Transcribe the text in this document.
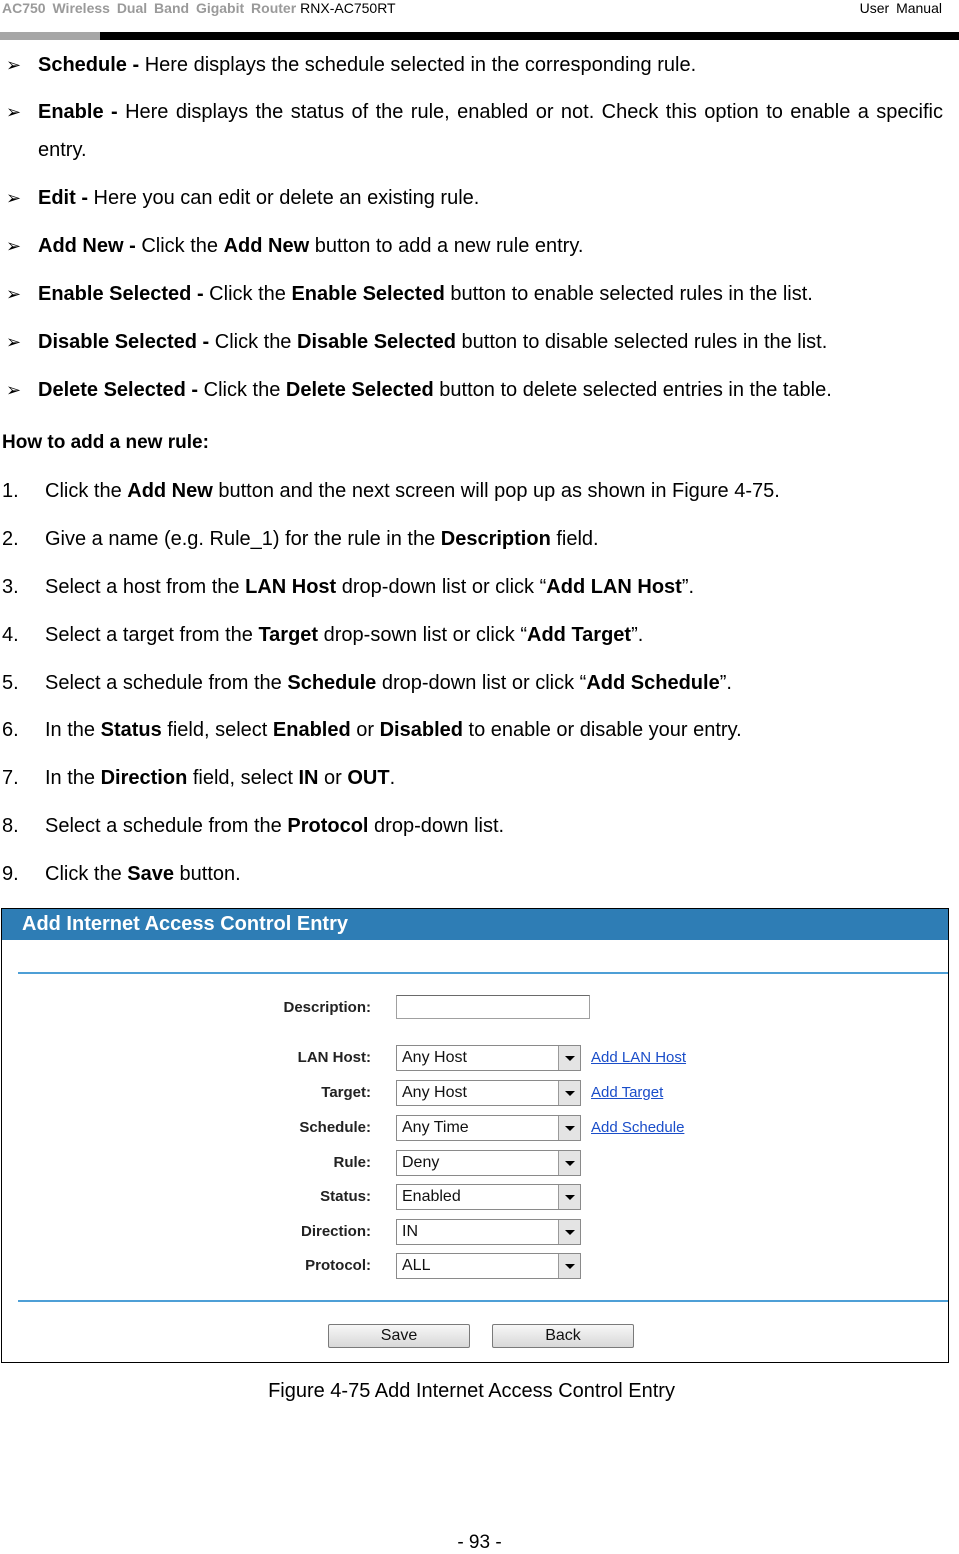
AC750 Wireless Dual Band Gigabit Router RNX-AC750RT	User Manual
➢ Schedule - Here displays the schedule selected in the corresponding rule.
➢ Enable - Here displays the status of the rule, enabled or not. Check this option to enable a specific entry.
➢ Edit - Here you can edit or delete an existing rule.
➢ Add New - Click the Add New button to add a new rule entry.
➢ Enable Selected - Click the Enable Selected button to enable selected rules in the list.
➢ Disable Selected - Click the Disable Selected button to disable selected rules in the list.
➢ Delete Selected - Click the Delete Selected button to delete selected entries in the table.
How to add a new rule:
1. Click the Add New button and the next screen will pop up as shown in Figure 4-75.
2. Give a name (e.g. Rule_1) for the rule in the Description field.
3. Select a host from the LAN Host drop-down list or click “Add LAN Host”.
4. Select a target from the Target drop-sown list or click “Add Target”.
5. Select a schedule from the Schedule drop-down list or click “Add Schedule”.
6. In the Status field, select Enabled or Disabled to enable or disable your entry.
7. In the Direction field, select IN or OUT.
8. Select a schedule from the Protocol drop-down list.
9. Click the Save button.
Add Internet Access Control Entry
Description:
LAN Host: Any Host	Add LAN Host
Target: Any Host	Add Target
Schedule: Any Time	Add Schedule
Rule: Deny
Status: Enabled
Direction: IN
Protocol: ALL
Save	Back
Figure 4-75 Add Internet Access Control Entry
- 93 -
